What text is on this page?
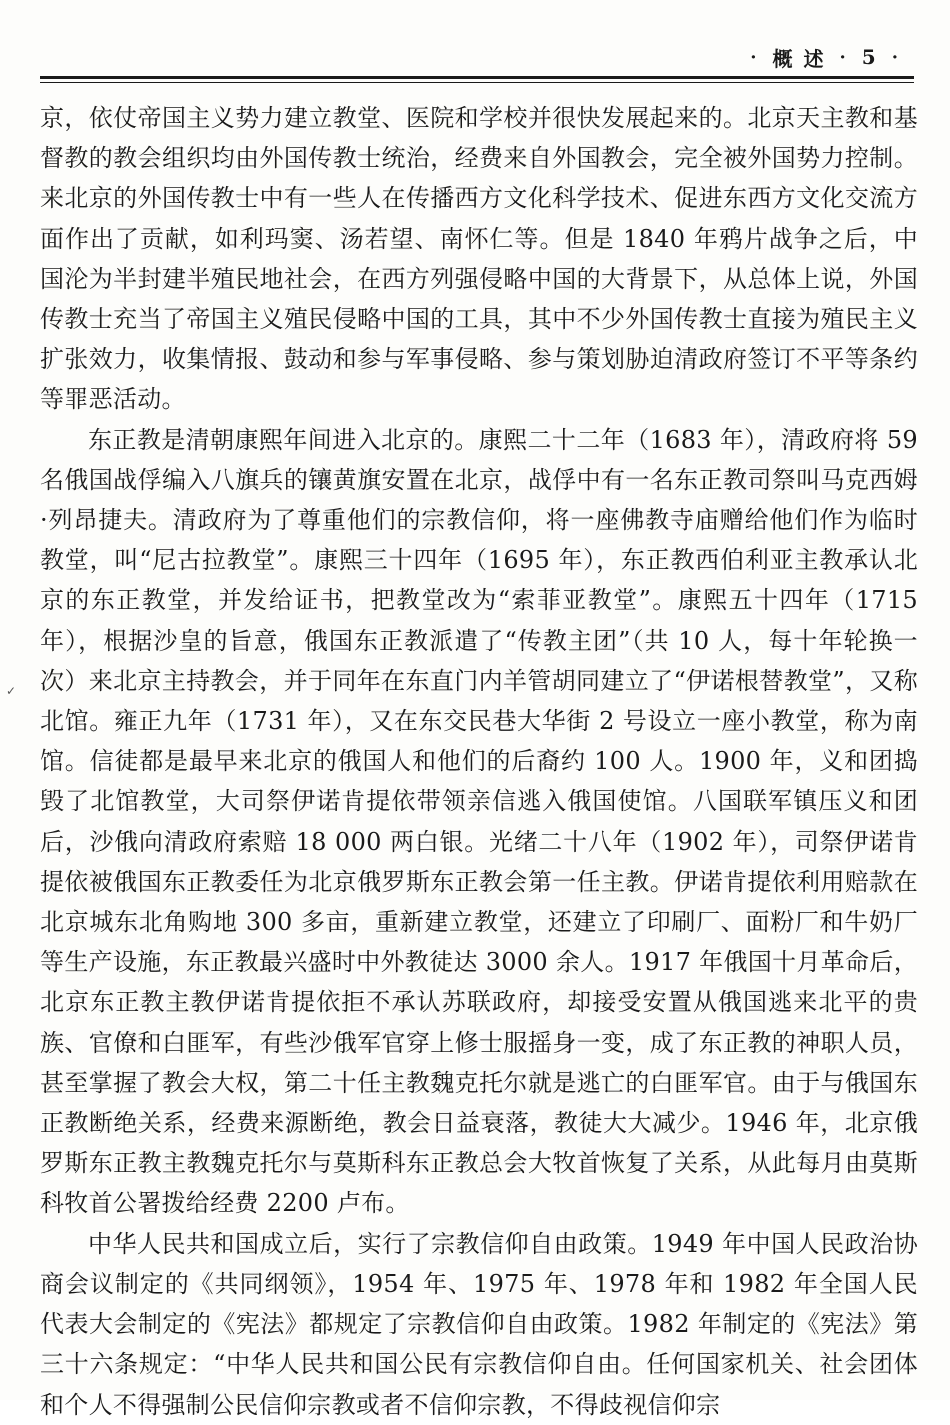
· 概 述 · 5 ·
✓

京，依仗帝国主义势力建立教堂、医院和学校并很快发展起来的。北京天主教和基督教的教会组织均由外国传教士统治，经费来自外国教会，完全被外国势力控制。来北京的外国传教士中有一些人在传播西方文化科学技术、促进东西方文化交流方面作出了贡献，如利玛窦、汤若望、南怀仁等。但是 1840 年鸦片战争之后，中国沦为半封建半殖民地社会，在西方列强侵略中国的大背景下，从总体上说，外国传教士充当了帝国主义殖民侵略中国的工具，其中不少外国传教士直接为殖民主义扩张效力，收集情报、鼓动和参与军事侵略、参与策划胁迫清政府签订不平等条约等罪恶活动。

东正教是清朝康熙年间进入北京的。康熙二十二年（1683 年），清政府将 59 名俄国战俘编入八旗兵的镶黄旗安置在北京，战俘中有一名东正教司祭叫马克西姆·列昂捷夫。清政府为了尊重他们的宗教信仰，将一座佛教寺庙赠给他们作为临时教堂，叫“尼古拉教堂”。康熙三十四年（1695 年），东正教西伯利亚主教承认北京的东正教堂，并发给证书，把教堂改为“索菲亚教堂”。康熙五十四年（1715 年），根据沙皇的旨意，俄国东正教派遣了“传教主团”（共 10 人，每十年轮换一次）来北京主持教会，并于同年在东直门内羊管胡同建立了“伊诺根替教堂”，又称北馆。雍正九年（1731 年），又在东交民巷大华街 2 号设立一座小教堂，称为南馆。信徒都是最早来北京的俄国人和他们的后裔约 100 人。1900 年，义和团捣毁了北馆教堂，大司祭伊诺肯提依带领亲信逃入俄国使馆。八国联军镇压义和团后，沙俄向清政府索赔 18 000 两白银。光绪二十八年（1902 年），司祭伊诺肯提依被俄国东正教委任为北京俄罗斯东正教会第一任主教。伊诺肯提依利用赔款在北京城东北角购地 300 多亩，重新建立教堂，还建立了印刷厂、面粉厂和牛奶厂等生产设施，东正教最兴盛时中外教徒达 3000 余人。1917 年俄国十月革命后，北京东正教主教伊诺肯提依拒不承认苏联政府，却接受安置从俄国逃来北平的贵族、官僚和白匪军，有些沙俄军官穿上修士服摇身一变，成了东正教的神职人员，甚至掌握了教会大权，第二十任主教魏克托尔就是逃亡的白匪军官。由于与俄国东正教断绝关系，经费来源断绝，教会日益衰落，教徒大大减少。1946 年，北京俄罗斯东正教主教魏克托尔与莫斯科东正教总会大牧首恢复了关系，从此每月由莫斯科牧首公署拨给经费 2200 卢布。

中华人民共和国成立后，实行了宗教信仰自由政策。1949 年中国人民政治协商会议制定的《共同纲领》，1954 年、1975 年、1978 年和 1982 年全国人民代表大会制定的《宪法》都规定了宗教信仰自由政策。1982 年制定的《宪法》第三十六条规定：“中华人民共和国公民有宗教信仰自由。任何国家机关、社会团体和个人不得强制公民信仰宗教或者不信仰宗教，不得歧视信仰宗
